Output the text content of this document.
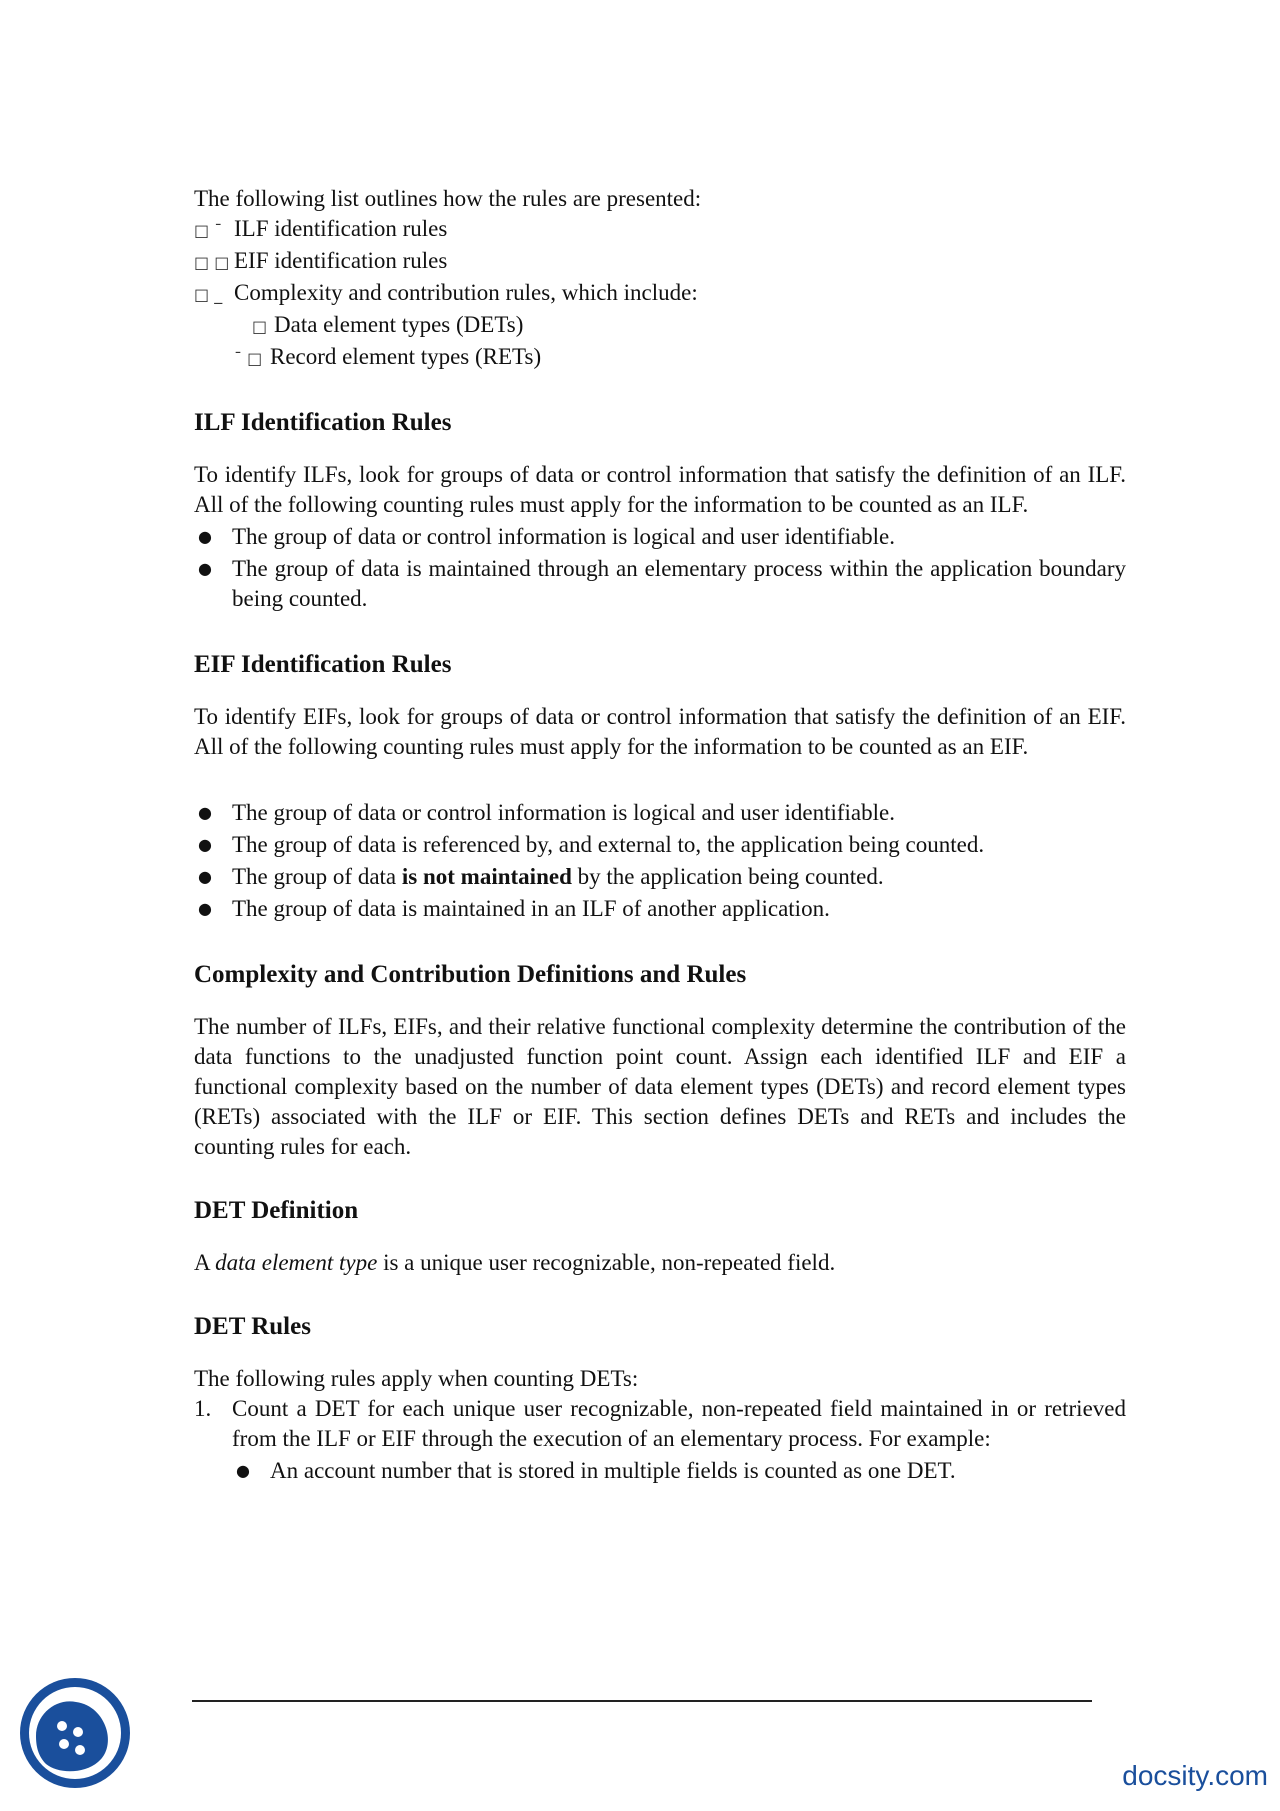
The following list outlines how the rules are presented:

□ ¯ ILF identification rules
□ □ EIF identification rules
□ _ Complexity and contribution rules, which include:
□ Data element types (DETs)
¯ □ Record element types (RETs)
ILF Identification Rules

To identify ILFs, look for groups of data or control information that satisfy the definition of an ILF. All of the following counting rules must apply for the information to be counted as an ILF.

● The group of data or control information is logical and user identifiable.
● The group of data is maintained through an elementary process within the application boundary being counted.
EIF Identification Rules

To identify EIFs, look for groups of data or control information that satisfy the definition of an EIF. All of the following counting rules must apply for the information to be counted as an EIF.

● The group of data or control information is logical and user identifiable.
● The group of data is referenced by, and external to, the application being counted.
● The group of data is not maintained by the application being counted.
● The group of data is maintained in an ILF of another application.
Complexity and Contribution Definitions and Rules

The number of ILFs, EIFs, and their relative functional complexity determine the contribution of the data functions to the unadjusted function point count. Assign each identified ILF and EIF a functional complexity based on the number of data element types (DETs) and record element types (RETs) associated with the ILF or EIF. This section defines DETs and RETs and includes the counting rules for each.

DET Definition

A data element type is a unique user recognizable, non-repeated field.

DET Rules

The following rules apply when counting DETs:

1. Count a DET for each unique user recognizable, non-repeated field maintained in or retrieved from the ILF or EIF through the execution of an elementary process. For example:
● An account number that is stored in multiple fields is counted as one DET.
docsity.com
